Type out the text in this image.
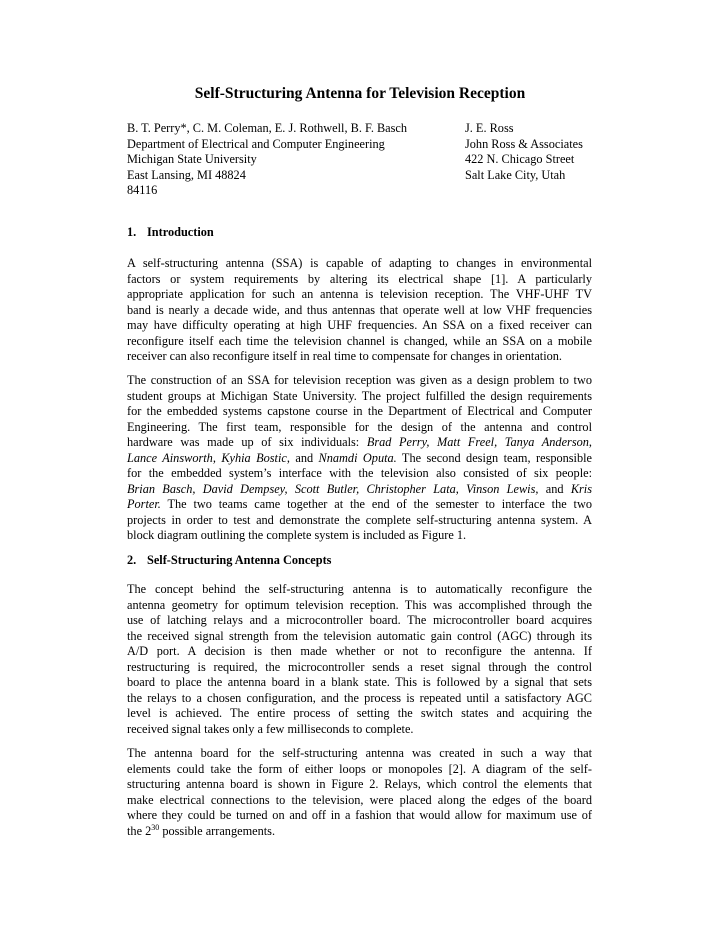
Self-Structuring Antenna for Television Reception
B. T. Perry*, C. M. Coleman, E. J. Rothwell, B. F. Basch
Department of Electrical and Computer Engineering
Michigan State University
East Lansing, MI 48824
84116
J. E. Ross
John Ross & Associates
422 N. Chicago Street
Salt Lake City, Utah
1. Introduction
A self-structuring antenna (SSA) is capable of adapting to changes in environmental
factors or system requirements by altering its electrical shape [1]. A particularly
appropriate application for such an antenna is television reception. The VHF-UHF TV
band is nearly a decade wide, and thus antennas that operate well at low VHF frequencies
may have difficulty operating at high UHF frequencies. An SSA on a fixed receiver can
reconfigure itself each time the television channel is changed, while an SSA on a mobile
receiver can also reconfigure itself in real time to compensate for changes in orientation.
The construction of an SSA for television reception was given as a design problem to two
student groups at Michigan State University. The project fulfilled the design requirements
for the embedded systems capstone course in the Department of Electrical and Computer
Engineering. The first team, responsible for the design of the antenna and control
hardware was made up of six individuals: Brad Perry, Matt Freel, Tanya Anderson,
Lance Ainsworth, Kyhia Bostic, and Nnamdi Oputa. The second design team, responsible
for the embedded system’s interface with the television also consisted of six people:
Brian Basch, David Dempsey, Scott Butler, Christopher Lata, Vinson Lewis, and Kris
Porter. The two teams came together at the end of the semester to interface the two
projects in order to test and demonstrate the complete self-structuring antenna system. A
block diagram outlining the complete system is included as Figure 1.
2. Self-Structuring Antenna Concepts
The concept behind the self-structuring antenna is to automatically reconfigure the
antenna geometry for optimum television reception. This was accomplished through the
use of latching relays and a microcontroller board. The microcontroller board acquires
the received signal strength from the television automatic gain control (AGC) through its
A/D port. A decision is then made whether or not to reconfigure the antenna. If
restructuring is required, the microcontroller sends a reset signal through the control
board to place the antenna board in a blank state. This is followed by a signal that sets
the relays to a chosen configuration, and the process is repeated until a satisfactory AGC
level is achieved. The entire process of setting the switch states and acquiring the
received signal takes only a few milliseconds to complete.
The antenna board for the self-structuring antenna was created in such a way that
elements could take the form of either loops or monopoles [2]. A diagram of the self-
structuring antenna board is shown in Figure 2. Relays, which control the elements that
make electrical connections to the television, were placed along the edges of the board
where they could be turned on and off in a fashion that would allow for maximum use of
the $2^{30}$ possible arrangements.
